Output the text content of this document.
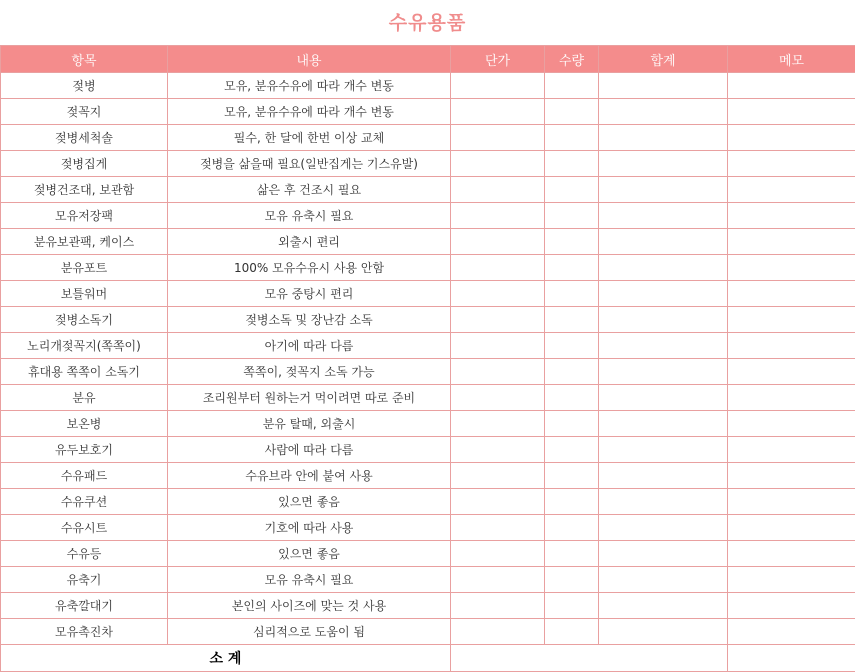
수유용품
항목	내용	단가	수량	합계	메모
젖병	모유, 분유수유에 따라 개수 변동				
젖꼭지	모유, 분유수유에 따라 개수 변동				
젖병세척솔	필수, 한 달에 한번 이상 교체				
젖병집게	젖병을 삶을때 필요(일반집게는 기스유발)				
젖병건조대, 보관함	삶은 후 건조시 필요				
모유저장팩	모유 유축시 필요				
분유보관팩, 케이스	외출시 편리				
분유포트	100% 모유수유시 사용 안함				
보틀워머	모유 중탕시 편리				
젖병소독기	젖병소독 및 장난감 소독				
노리개젖꼭지(쪽쪽이)	아기에 따라 다름				
휴대용 쪽쪽이 소독기	쪽쪽이, 젖꼭지 소독 가능				
분유	조리원부터 원하는거 먹이려면 따로 준비				
보온병	분유 탈때, 외출시				
유두보호기	사람에 따라 다름				
수유패드	수유브라 안에 붙여 사용				
수유쿠션	있으면 좋음				
수유시트	기호에 따라 사용				
수유등	있으면 좋음				
유축기	모유 유축시 필요				
유축깔대기	본인의 사이즈에 맞는 것 사용				
모유촉진차	심리적으로 도움이 됨				
소 계					
